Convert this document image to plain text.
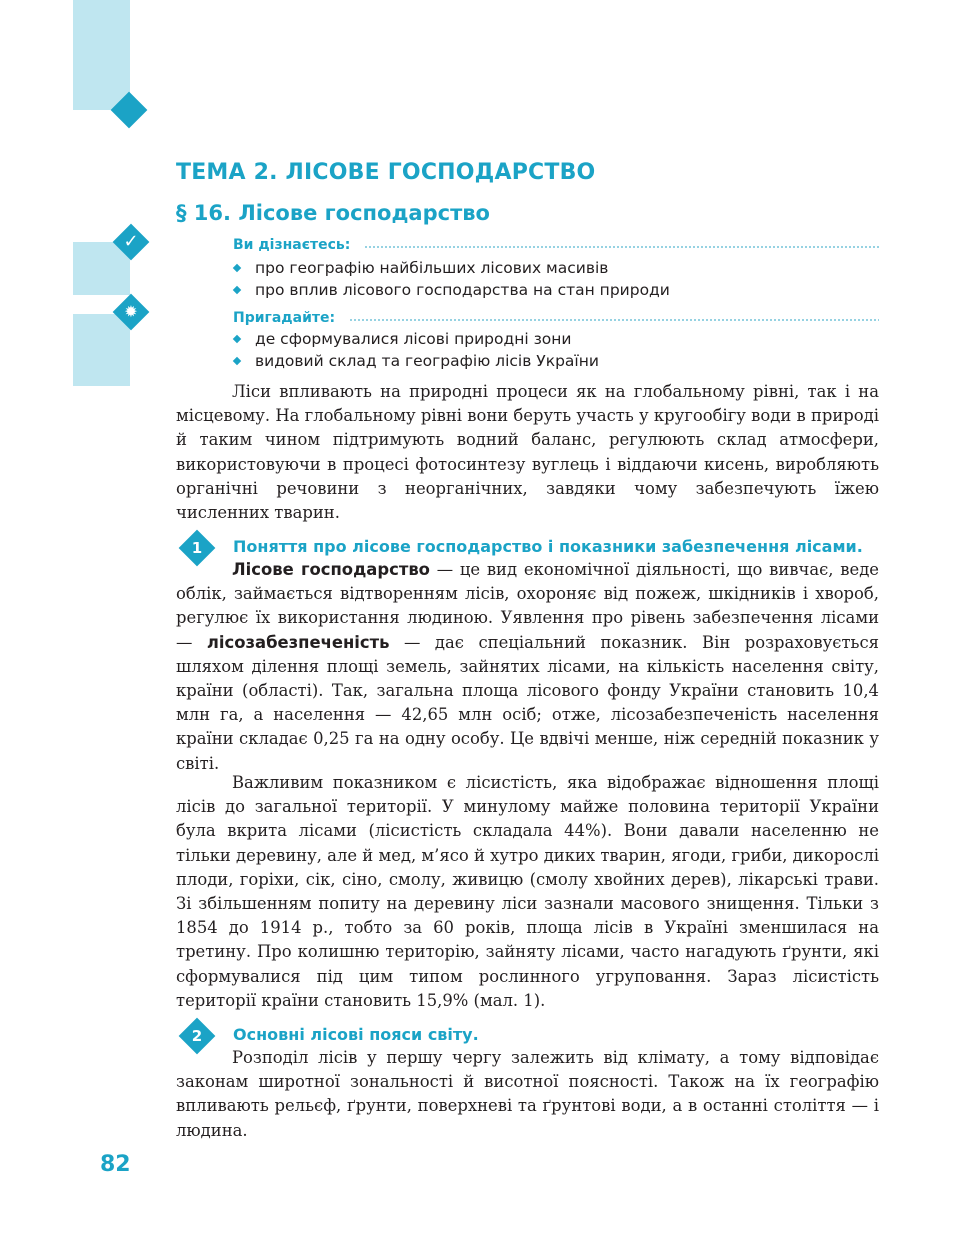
✓
✹
ТЕМА 2. ЛІСОВЕ ГОСПОДАРСТВО
§ 16. Лісове господарство
Ви дізнаєтесь:
про географію найбільших лісових масивів
про вплив лісового господарства на стан природи
Пригадайте:
де сформувалися лісові природні зони
видовий склад та географію лісів України

Ліси впливають на природні процеси як на глобальному рівні, так і на місцевому. На глобальному рівні вони беруть участь у кругообігу води в природі й таким чином підтримують водний баланс, регулюють склад атмосфери, використовуючи в процесі фотосинтезу вуглець і віддаючи кисень, виробляють органічні речовини з неорганічних, завдяки чому забезпечують їжею численних тварин.

1	Поняття про лісове господарство і показники забезпечення лісами.

Лісове господарство — це вид економічної діяльності, що вивчає, веде облік, займається відтворенням лісів, охороняє від пожеж, шкідників і хвороб, регулює їх використання людиною. Уявлення про рівень забезпечення лісами — лісозабезпеченість — дає спеціальний показник. Він розраховується шляхом ділення площі земель, зайнятих лісами, на кількість населення світу, країни (області). Так, загальна площа лісового фонду України становить 10,4 млн га, а населення — 42,65 млн осіб; отже, лісозабезпеченість населення країни складає 0,25 га на одну особу. Це вдвічі менше, ніж середній показник у світі.

Важливим показником є лісистість, яка відображає відношення площі лісів до загальної території. У минулому майже половина території України була вкрита лісами (лісистість складала 44%). Вони давали населенню не тільки деревину, але й мед, м’ясо й хутро диких тварин, ягоди, гриби, дикорослі плоди, горіхи, сік, сіно, смолу, живицю (смолу хвойних дерев), лікарські трави. Зі збільшенням попиту на деревину ліси зазнали масового знищення. Тільки з 1854 до 1914 р., тобто за 60 років, площа лісів в Україні зменшилася на третину. Про колишню територію, зайняту лісами, часто нагадують ґрунти, які сформувалися під цим типом рослинного угруповання. Зараз лісистість території країни становить 15,9% (мал. 1).

2	Основні лісові пояси світу.

Розподіл лісів у першу чергу залежить від клімату, а тому відповідає законам широтної зональності й висотної поясності. Також на їх географію впливають рельєф, ґрунти, поверхневі та ґрунтові води, а в останні століття — і людина.

82
